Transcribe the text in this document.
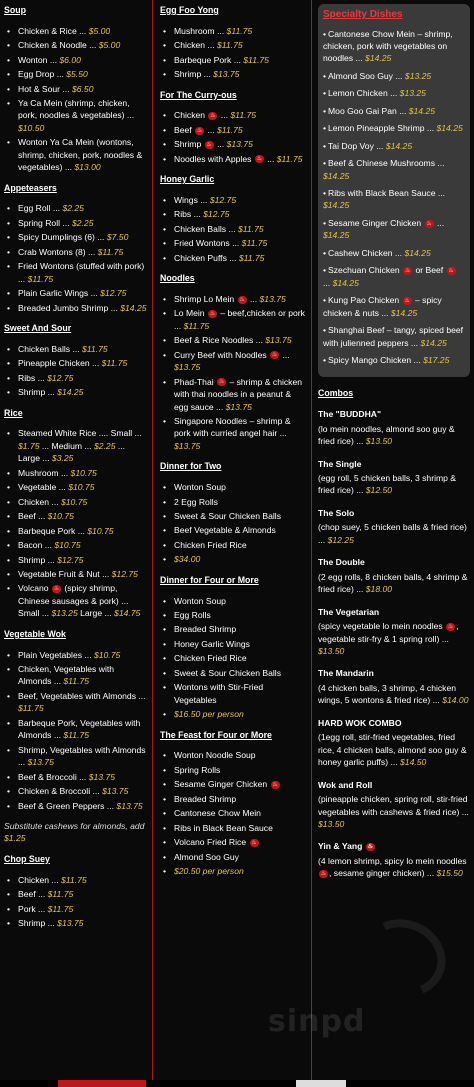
Soup
• Chicken & Rice ... $5.00
• Chicken & Noodle ... $5.00
• Wonton ... $6.00
• Egg Drop ... $5.50
• Hot & Sour ... $6.50
• Ya Ca Mein (shrimp, chicken, pork, noodles & vegetables) ... $10.50
• Wonton Ya Ca Mein (wontons, shrimp, chicken, pork, noodles & vegetables) ... $13.00
Appeteasers
• Egg Roll ... $2.25
• Spring Roll ... $2.25
• Spicy Dumplings (6) ... $7.50
• Crab Wontons (8) ... $11.75
• Fried Wontons (stuffed with pork) ... $11.75
• Plain Garlic Wings ... $12.75
• Breaded Jumbo Shrimp ... $14.25
Sweet And Sour
• Chicken Balls ... $11.75
• Pineapple Chicken ... $11.75
• Ribs ... $12.75
• Shrimp ... $14.25
Rice
• Steamed White Rice .... Small ... $1.75 ... Medium ... $2.25 ... Large ... $3.25
• Mushroom ... $10.75
• Vegetable ... $10.75
• Chicken ... $10.75
• Beef ... $10.75
• Barbeque Pork ... $10.75
• Bacon ... $10.75
• Shrimp ... $12.75
• Vegetable Fruit & Nut ... $12.75
• Volcano ♨ (spicy shrimp, Chinese sausages & pork) ... Small ... $13.25 Large ... $14.75
Vegetable Wok
• Plain Vegetables ... $10.75
• Chicken, Vegetables with Almonds ... $11.75
• Beef, Vegetables with Almonds ... $11.75
• Barbeque Pork, Vegetables with Almonds ... $11.75
• Shrimp, Vegetables with Almonds ... $13.75
• Beef & Broccoli ... $13.75
• Chicken & Broccoli ... $13.75
• Beef & Green Peppers ... $13.75
Substitute cashews for almonds, add $1.25
Chop Suey
• Chicken ... $11.75
• Beef ... $11.75
• Pork ... $11.75
• Shrimp ... $13.75
Egg Foo Yong
• Mushroom ... $11.75
• Chicken ... $11.75
• Barbeque Pork ... $11.75
• Shrimp ... $13.75
For The Curry-ous
• Chicken ♨ ... $11.75
• Beef ♨ ... $11.75
• Shrimp ♨ ... $13.75
• Noodles with Apples ♨ ... $11.75
Honey Garlic
• Wings ... $12.75
• Ribs ... $12.75
• Chicken Balls ... $11.75
• Fried Wontons ... $11.75
• Chicken Puffs ... $11.75
Noodles
• Shrimp Lo Mein ♨ ... $13.75
• Lo Mein ♨ – beef,chicken or pork ... $11.75
• Beef & Rice Noodles ... $13.75
• Curry Beef with Noodles ♨ ... $13.75
• Phad-Thai ♨ – shrimp & chicken with thai noodles in a peanut & egg sauce ... $13.75
• Singapore Noodles – shrimp & pork with curried angel hair ... $13.75
Dinner for Two
• Wonton Soup
• 2 Egg Rolls
• Sweet & Sour Chicken Balls
• Beef Vegetable & Almonds
• Chicken Fried Rice
• $34.00
Dinner for Four or More
• Wonton Soup
• Egg Rolls
• Breaded Shrimp
• Honey Garlic Wings
• Chicken Fried Rice
• Sweet & Sour Chicken Balls
• Wontons with Stir-Fried Vegetables
• $16.50 per person
The Feast for Four or More
• Wonton Noodle Soup
• Spring Rolls
• Sesame Ginger Chicken ♨
• Breaded Shrimp
• Cantonese Chow Mein
• Ribs in Black Bean Sauce
• Volcano Fried Rice ♨
• Almond Soo Guy
• $20.50 per person
Specialty Dishes
• Cantonese Chow Mein – shrimp, chicken, pork with vegetables on noodles ... $14.25
• Almond Soo Guy ... $13.25
• Lemon Chicken ... $13.25
• Moo Goo Gai Pan ... $14.25
• Lemon Pineapple Shrimp ... $14.25
• Tai Dop Voy ... $14.25
• Beef & Chinese Mushrooms ... $14.25
• Ribs with Black Bean Sauce ... $14.25
• Sesame Ginger Chicken ♨ ... $14.25
• Cashew Chicken ... $14.25
• Szechuan Chicken ♨ or Beef ♨ ... $14.25
• Kung Pao Chicken ♨ – spicy chicken & nuts ... $14.25
• Shanghai Beef – tangy, spiced beef with julienned peppers ... $14.25
• Spicy Mango Chicken ... $17.25
Combos
The "BUDDHA"
(lo mein noodles, almond soo guy & fried rice) ... $13.50
The Single
(egg roll, 5 chicken balls, 3 shrimp & fried rice) ... $12.50
The Solo
(chop suey, 5 chicken balls & fried rice) ... $12.25
The Double
(2 egg rolls, 8 chicken balls, 4 shrimp & fried rice) ... $18.00
The Vegetarian
(spicy vegetable lo mein noodles ♨ , vegetable stir-fry & 1 spring roll) ... $13.50
The Mandarin
(4 chicken balls, 3 shrimp, 4 chicken wings, 5 wontons & fried rice) ... $14.00
HARD WOK COMBO
(1egg roll, stir-fried vegetables, fried rice, 4 chicken balls, almond soo guy & honey garlic puffs) ... $14.50
Wok and Roll
(pineapple chicken, spring roll, stir-fried vegetables with cashews & fried rice) ... $13.50
Yin & Yang ♨
(4 lemon shrimp, spicy lo mein noodles ♨, sesame ginger chicken) ... $15.50
sinpd
